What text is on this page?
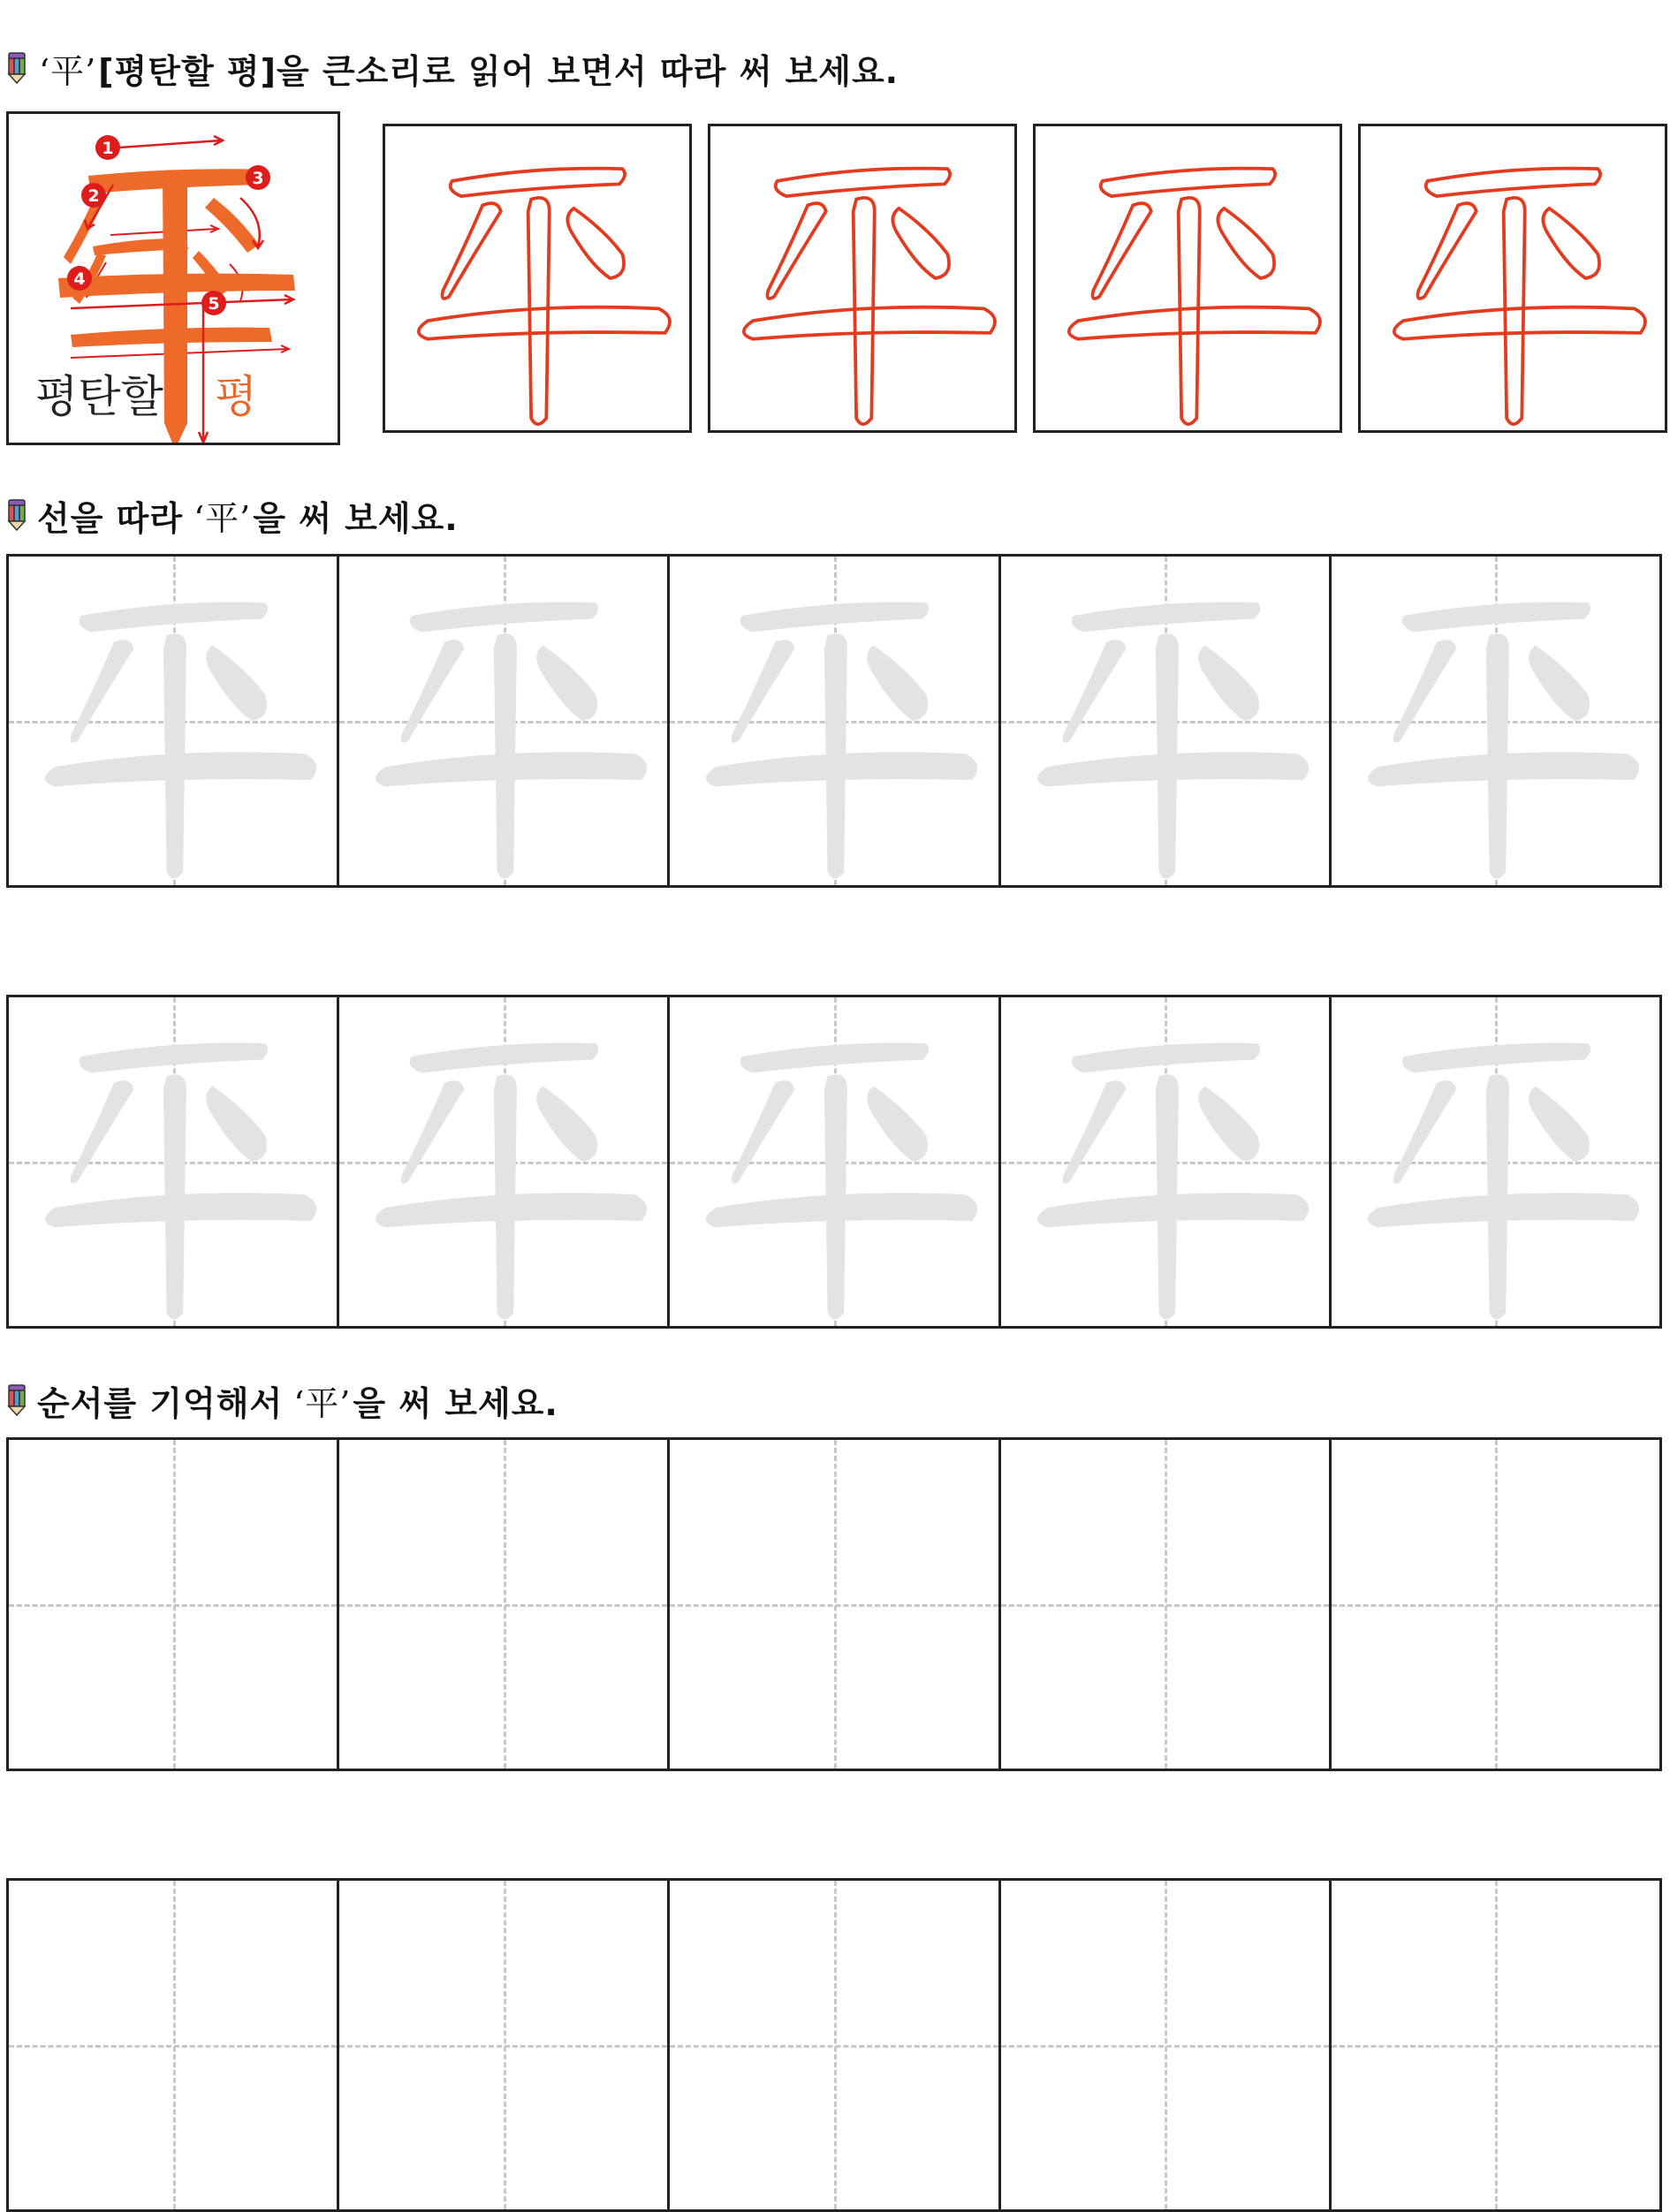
‘平’ [평탄할 평]을 큰소리로 읽어 보면서 따라 써 보세요.
1
2
3
4
5
평탄할 평
선을 따라 ‘平’ 을 써 보세요.
순서를 기억해서 ‘平’ 을 써 보세요.
